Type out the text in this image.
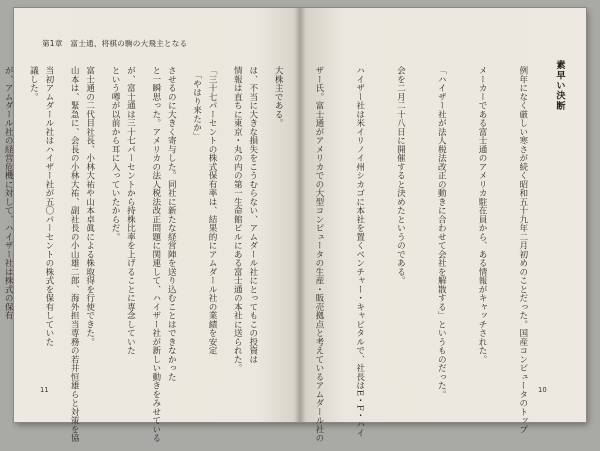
第1章　富士通、将棋の駒の大飛主となる

は、不当に大きな損失をこうむらない、アムダール社にとってもこの投資は

「三十七パーセントの株式保有率は、結果的にアムダール社の業績を安定

させるのに大きく寄与した。同社に新たな経営陣を送り込むことはできなかった

が、富士通は三十七パーセントから持株比率を上げることに専念していた

富士通の二代目社長、小林大祐や山本卓眞による株取得を行使できた。

当初アムダール社はハイザー社が五〇パーセントの株式を保有していた

が、アムダール社の経営危機に対して、ハイザー社は株式の保有

11
素早い決断

例年になく厳しい寒さが続く昭和五十九年二月初めのことだった。国産コンピュータのトップ

メーカーである富士通のアメリカ駐在員から、ある情報がキャッチされた。

「ハイザー社が法人税法改正の動きに合わせて会社を解散する」というものだった。

会を二月二十八日に開催すると決めたというのである。

ハイザー社は米イリノイ州シカゴに本社を置くベンチャー・キャピタルで、社長はE・F・ハイ

ザー氏。富士通がアメリカでの大型コンピュータの生産・販売拠点と考えているアムダール社の

大株主である。

情報は直ちに東京・丸の内の第一生命館ビルにある富士通の本社に送られた。

　「やはり来たか」

と一瞬思った。アメリカの法人税法改正問題に関連して、ハイザー社が新しい動きをみせている

という噂が以前から耳に入っていたからだ。

山本は、緊急に、会長の小林大祐、副社長の小山雄二郎、海外担当専務の若井恒雄らと対策を協

議した。

10
